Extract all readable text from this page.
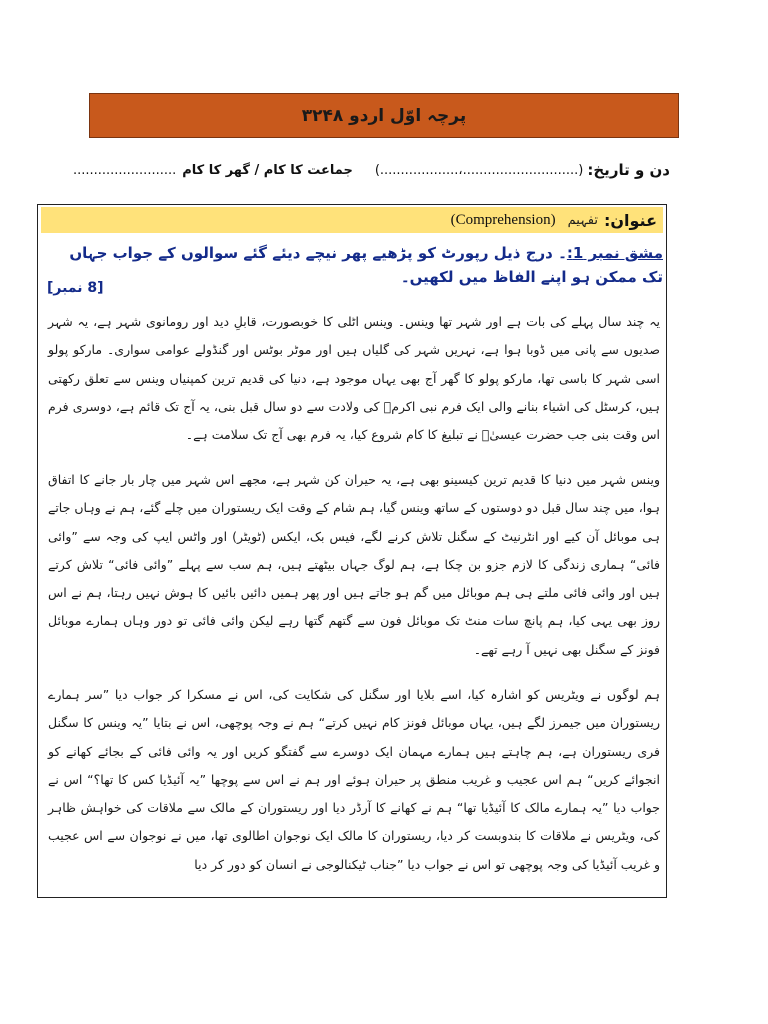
پرچہ اوّل اردو ۳۲۴۸
دن و تاریخ:
(............................،...................)
جماعت کا کام / گھر کا کام
.........................
عنوان:
تفہیم
(Comprehension)
مشق نمبر 1:۔ درج ذیل رپورٹ کو پڑھیے پھر نیچے دیئے گئے سوالوں کے جواب جہاں تک ممکن ہو اپنے الفاظ میں لکھیں۔
[8 نمبر]
یہ چند سال پہلے کی بات ہے اور شہر تھا وینس۔ وینس اٹلی کا خوبصورت، قابلِ دید اور رومانوی شہر ہے، یہ شہر صدیوں سے پانی میں ڈوبا ہوا ہے، نہریں شہر کی گلیاں ہیں اور موٹر بوٹس اور گنڈولے عوامی سواری۔ مارکو پولو اسی شہر کا باسی تھا، مارکو پولو کا گھر آج بھی یہاں موجود ہے، دنیا کی قدیم ترین کمپنیاں وینس سے تعلق رکھتی ہیں، کرسٹل کی اشیاء بنانے والی ایک فرم نبی اکرمؐ کی ولادت سے دو سال قبل بنی، یہ آج تک قائم ہے، دوسری فرم اس وقت بنی جب حضرت عیسیٰؑ نے تبلیغ کا کام شروع کیا، یہ فرم بھی آج تک سلامت ہے۔
وینس شہر میں دنیا کا قدیم ترین کیسینو بھی ہے، یہ حیران کن شہر ہے، مجھے اس شہر میں چار بار جانے کا اتفاق ہوا، میں چند سال قبل دو دوستوں کے ساتھ وینس گیا، ہم شام کے وقت ایک ریستوران میں چلے گئے، ہم نے وہاں جاتے ہی موبائل آن کیے اور انٹرنیٹ کے سگنل تلاش کرنے لگے، فیس بک، ایکس (ٹویٹر) اور واٹس ایپ کی وجہ سے ”وائی فائی“ ہماری زندگی کا لازم جزو بن چکا ہے، ہم لوگ جہاں بیٹھتے ہیں، ہم سب سے پہلے ”وائی فائی“ تلاش کرتے ہیں اور وائی فائی ملتے ہی ہم موبائل میں گم ہو جاتے ہیں اور پھر ہمیں دائیں بائیں کا ہوش نہیں رہتا، ہم نے اس روز بھی یہی کیا، ہم پانچ سات منٹ تک موبائل فون سے گتھم گتھا رہے لیکن وائی فائی تو دور وہاں ہمارے موبائل فونز کے سگنل بھی نہیں آ رہے تھے۔
ہم لوگوں نے ویٹریس کو اشارہ کیا، اسے بلایا اور سگنل کی شکایت کی، اس نے مسکرا کر جواب دیا ”سر ہمارے ریستوران میں جیمرز لگے ہیں، یہاں موبائل فونز کام نہیں کرتے“ ہم نے وجہ پوچھی، اس نے بتایا ”یہ وینس کا سگنل فری ریستوران ہے، ہم چاہتے ہیں ہمارے مہمان ایک دوسرے سے گفتگو کریں اور یہ وائی فائی کے بجائے کھانے کو انجوائے کریں“ ہم اس عجیب و غریب منطق پر حیران ہوئے اور ہم نے اس سے پوچھا ”یہ آئیڈیا کس کا تھا؟“ اس نے جواب دیا ”یہ ہمارے مالک کا آئیڈیا تھا“ ہم نے کھانے کا آرڈر دیا اور ریستوران کے مالک سے ملاقات کی خواہش ظاہر کی، ویٹریس نے ملاقات کا بندوبست کر دیا، ریستوران کا مالک ایک نوجوان اطالوی تھا، میں نے نوجوان سے اس عجیب و غریب آئیڈیا کی وجہ پوچھی تو اس نے جواب دیا ”جناب ٹیکنالوجی نے انسان کو دور کر دیا
